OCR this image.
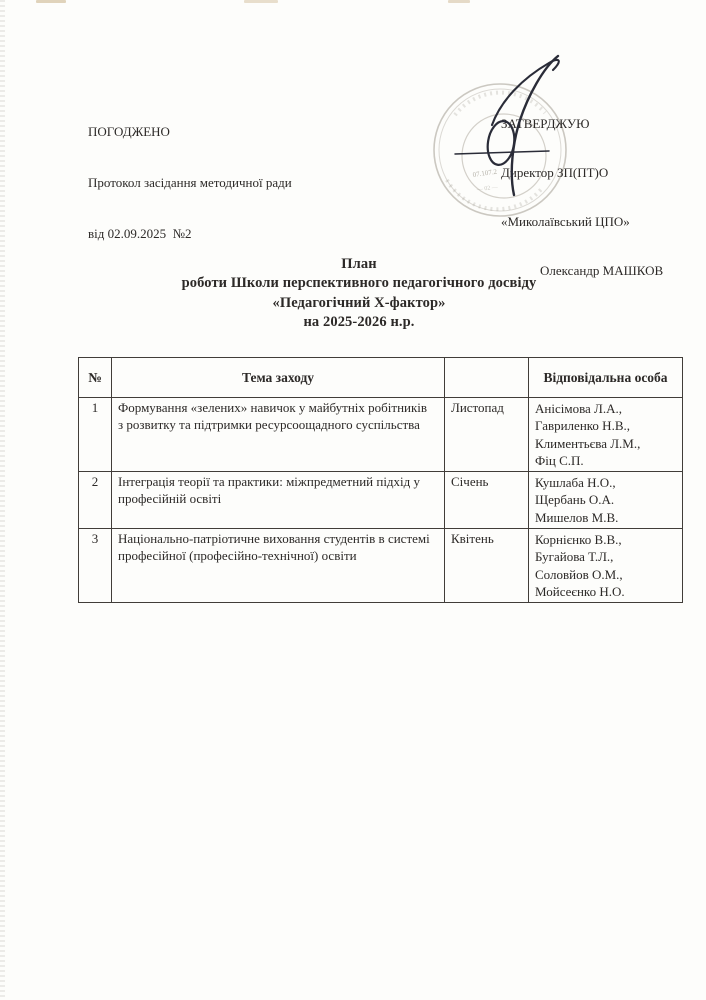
ПОГОДЖЕНО

Протокол засідання методичної ради

від 02.09.2025  №2

07.107.2
— 02 —

ЗАТВЕРДЖУЮ

Директор ЗП(ПТ)О

«Миколаївський ЦПО»

Олександр МАШКОВ

План
роботи Школи перспективного педагогічного досвіду
«Педагогічний Х-фактор»
на 2025-2026 н.р.
№	Тема заходу		Відповідальна особа
1	Формування «зелених» навичок у майбутніх робітників  з розвитку та підтримки ресурсоощадного суспільства	Листопад	Анісімова Л.А.,
Гавриленко Н.В.,
Климентьєва Л.М.,
Фіц С.П.

2	Інтеграція теорії та практики: міжпредметний підхід у професійній освіті	Січень	Кушлаба Н.О.,
Щербань О.А.
Мишелов М.В.

3	Національно-патріотичне виховання студентів в системі професійної (професійно-технічної) освіти	Квітень	Корнієнко В.В.,
Бугайова Т.Л.,
Соловйов О.М.,
Мойсеєнко Н.О.
